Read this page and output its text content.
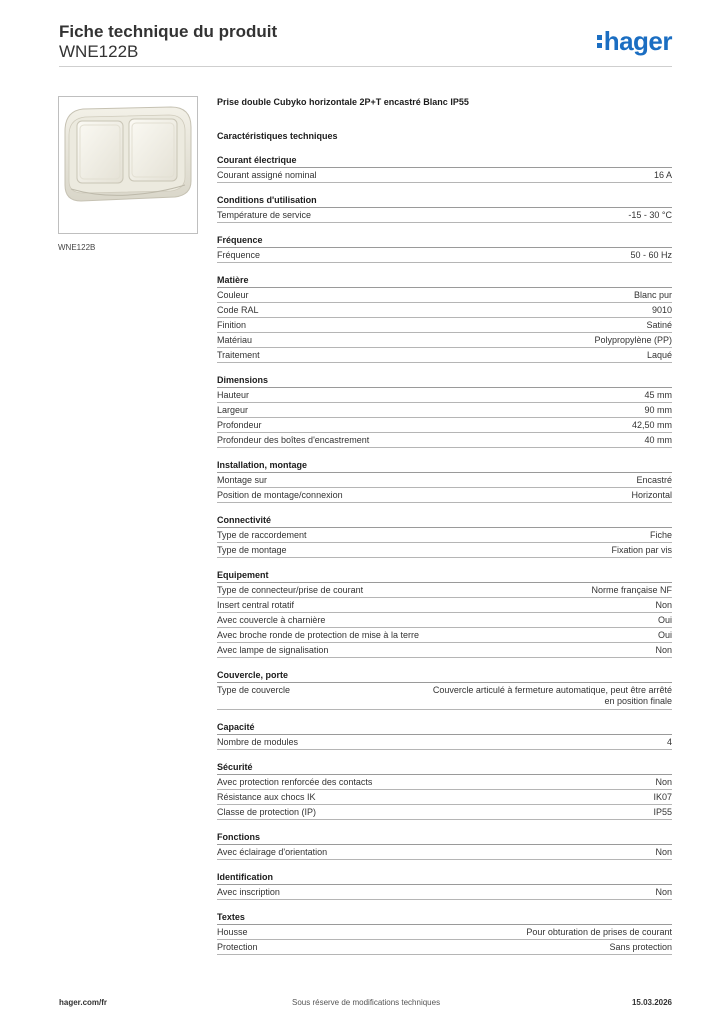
Fiche technique du produit
WNE122B	hager
WNE122B
Prise double Cubyko horizontale 2P+T encastré Blanc IP55
Caractéristiques techniques
Courant électrique
Courant assigné nominal	16 A
Conditions d'utilisation
Température de service	-15 - 30 °C
Fréquence
Fréquence	50 - 60 Hz
Matière
Couleur	Blanc pur
Code RAL	9010
Finition	Satiné
Matériau	Polypropylène (PP)
Traitement	Laqué
Dimensions
Hauteur	45 mm
Largeur	90 mm
Profondeur	42,50 mm
Profondeur des boîtes d'encastrement	40 mm
Installation, montage
Montage sur	Encastré
Position de montage/connexion	Horizontal
Connectivité
Type de raccordement	Fiche
Type de montage	Fixation par vis
Equipement
Type de connecteur/prise de courant	Norme française NF
Insert central rotatif	Non
Avec couvercle à charnière	Oui
Avec broche ronde de protection de mise à la terre	Oui
Avec lampe de signalisation	Non
Couvercle, porte
Type de couvercle	Couvercle articulé à fermeture automatique, peut être arrêté en position finale
Capacité
Nombre de modules	4
Sécurité
Avec protection renforcée des contacts	Non
Résistance aux chocs IK	IK07
Classe de protection (IP)	IP55
Fonctions
Avec éclairage d'orientation	Non
Identification
Avec inscription	Non
Textes
Housse	Pour obturation de prises de courant
Protection	Sans protection
hager.com/fr	Sous réserve de modifications techniques	15.03.2026
